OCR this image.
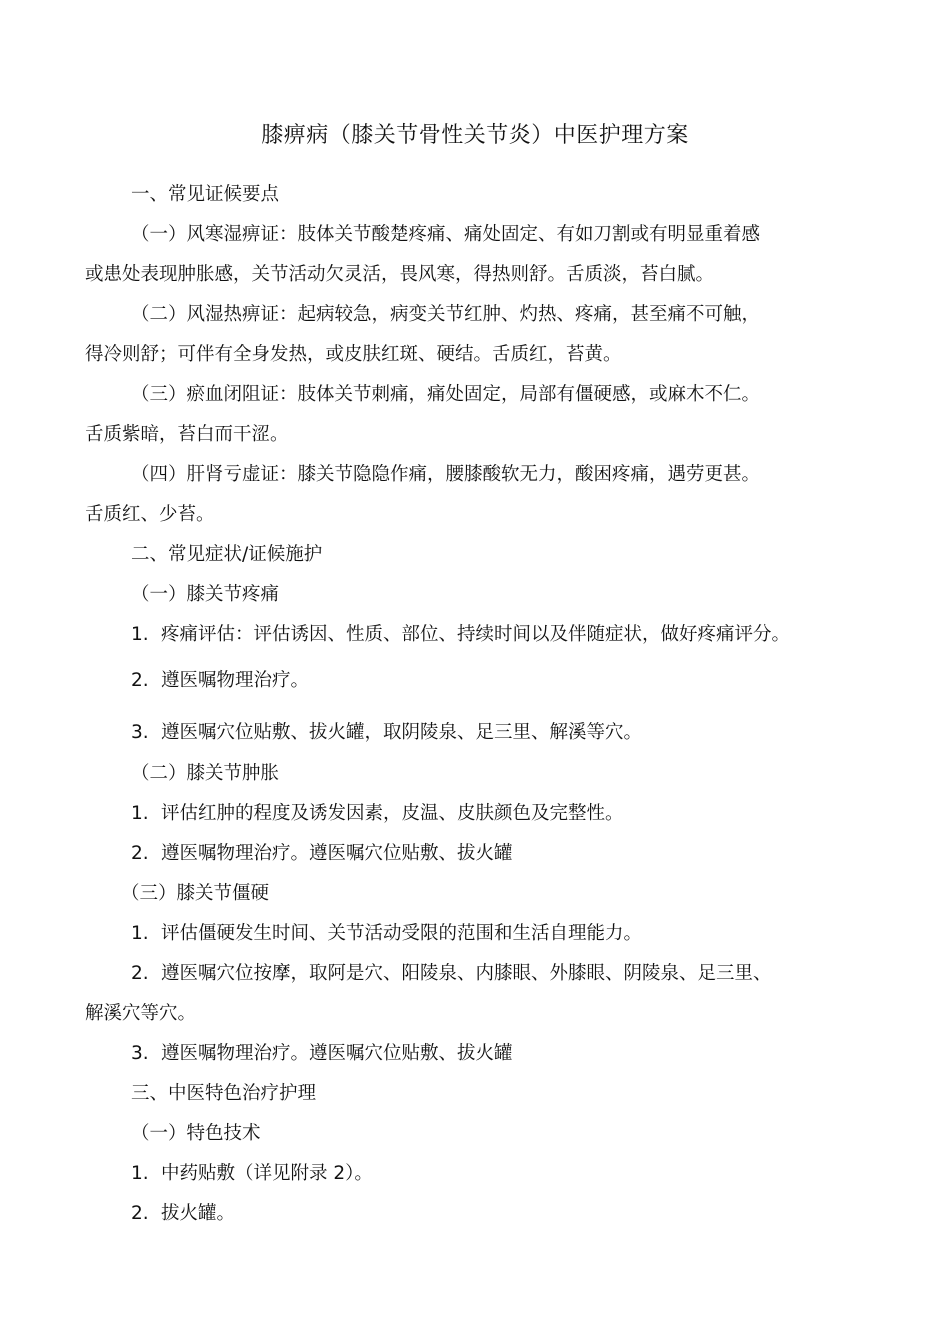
膝痹病（膝关节骨性关节炎）中医护理方案
一、常见证候要点
（一）风寒湿痹证：肢体关节酸楚疼痛、痛处固定、有如刀割或有明显重着感
或患处表现肿胀感，关节活动欠灵活，畏风寒，得热则舒。舌质淡，苔白腻。
（二）风湿热痹证：起病较急，病变关节红肿、灼热、疼痛，甚至痛不可触，
得冷则舒；可伴有全身发热，或皮肤红斑、硬结。舌质红，苔黄。
（三）瘀血闭阻证：肢体关节刺痛，痛处固定，局部有僵硬感，或麻木不仁。
舌质紫暗，苔白而干涩。
（四）肝肾亏虚证：膝关节隐隐作痛，腰膝酸软无力，酸困疼痛，遇劳更甚。
舌质红、少苔。
二、常见症状/证候施护
（一）膝关节疼痛
1. 疼痛评估：评估诱因、性质、部位、持续时间以及伴随症状，做好疼痛评分。
2. 遵医嘱物理治疗。
3. 遵医嘱穴位贴敷、拔火罐，取阴陵泉、足三里、解溪等穴。
（二）膝关节肿胀
1. 评估红肿的程度及诱发因素，皮温、皮肤颜色及完整性。
2. 遵医嘱物理治疗。遵医嘱穴位贴敷、拔火罐
（三）膝关节僵硬
1. 评估僵硬发生时间、关节活动受限的范围和生活自理能力。
2. 遵医嘱穴位按摩，取阿是穴、阳陵泉、内膝眼、外膝眼、阴陵泉、足三里、
解溪穴等穴。
3. 遵医嘱物理治疗。遵医嘱穴位贴敷、拔火罐
三、中医特色治疗护理
（一）特色技术
1. 中药贴敷（详见附录 2）。
2. 拔火罐。
